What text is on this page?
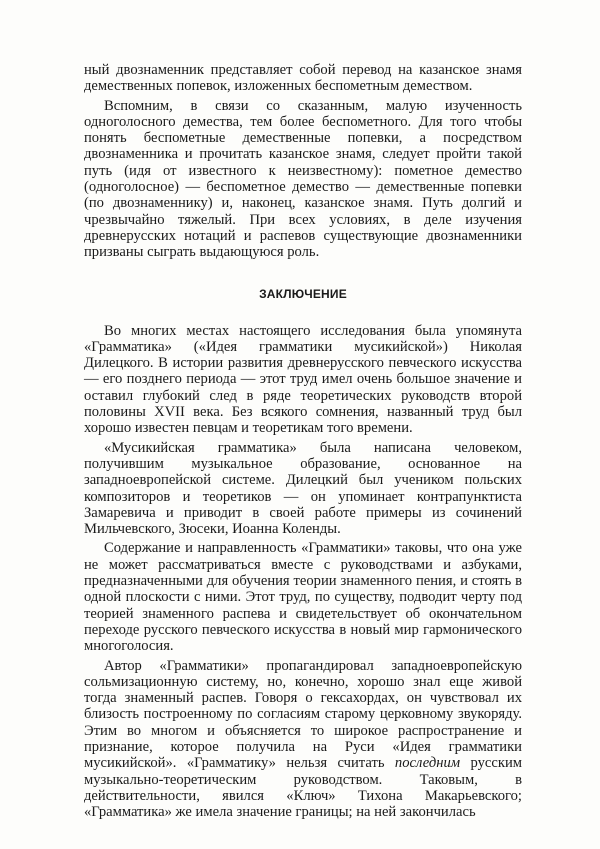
ный двознаменник представляет собой перевод на казанское знамя демественных попевок, изложенных беспометным демеством.

Вспомним, в связи со сказанным, малую изученность одноголосного демества, тем более беспометного. Для того чтобы понять беспометные демественные попевки, а посредством двознаменника и прочитать казанское знамя, следует пройти такой путь (идя от известного к неизвестному): пометное демество (одноголосное) — беспометное демество — демественные попевки (по двознаменнику) и, наконец, казанское знамя. Путь долгий и чрезвычайно тяжелый. При всех условиях, в деле изучения древнерусских нотаций и распевов существующие двознаменники призваны сыграть выдающуюся роль.

ЗАКЛЮЧЕНИЕ

Во многих местах настоящего исследования была упомянута «Грамматика» («Идея грамматики мусикийской») Николая Дилецкого. В истории развития древнерусского певческого искусства — его позднего периода — этот труд имел очень большое значение и оставил глубокий след в ряде теоретических руководств второй половины XVII века. Без всякого сомнения, названный труд был хорошо известен певцам и теоретикам того времени.

«Мусикийская грамматика» была написана человеком, получившим музыкальное образование, основанное на западноевропейской системе. Дилецкий был учеником польских композиторов и теоретиков — он упоминает контрапунктиста Замаревича и приводит в своей работе примеры из сочинений Мильчевского, Зюсеки, Иоанна Коленды.

Содержание и направленность «Грамматики» таковы, что она уже не может рассматриваться вместе с руководствами и азбуками, предназначенными для обучения теории знаменного пения, и стоять в одной плоскости с ними. Этот труд, по существу, подводит черту под теорией знаменного распева и свидетельствует об окончательном переходе русского певческого искусства в новый мир гармонического многоголосия.

Автор «Грамматики» пропагандировал западноевропейскую сольмизационную систему, но, конечно, хорошо знал еще живой тогда знаменный распев. Говоря о гексахордах, он чувствовал их близость построенному по согласиям старому церковному звукоряду. Этим во многом и объясняется то широкое распространение и признание, которое получила на Руси «Идея грамматики мусикийской». «Грамматику» нельзя считать последним русским музыкально-теоретическим руководством. Таковым, в действительности, явился «Ключ» Тихона Макарьевского; «Грамматика» же имела значение границы; на ней закончилась
